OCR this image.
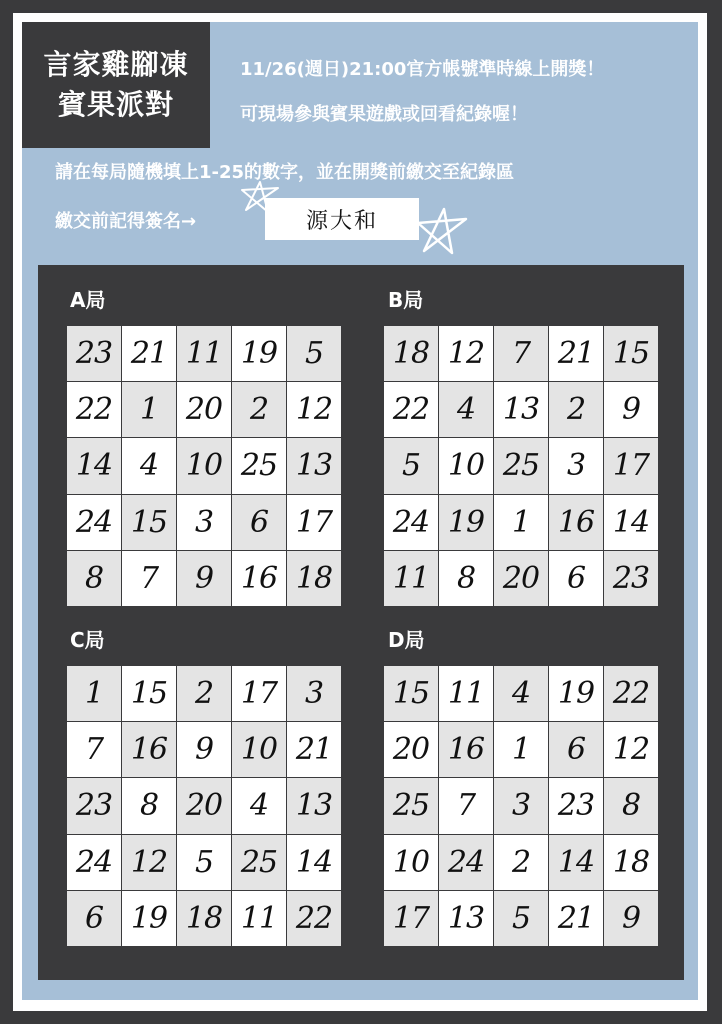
言家雞腳凍
賓果派對
11/26(週日)21:00官方帳號準時線上開獎！
可現場參與賓果遊戲或回看紀錄喔！
請在每局隨機填上1-25的數字，並在開獎前繳交至紀錄區
繳交前記得簽名→	源大和
A局	B局
C局	D局
23 21 11 19 5
22 1 20 2 12
14 4 10 25 13
24 15 3	6 17
8	7	9 16 18
18 12 7 21 15
22 4 13 2	9
5 10 25 3 17
24 19 1 16 14
11 8 20 6 23
1 15 2 17 3
7 16 9 10 21
23 8 20 4 13
24 12 5 25 14
6 19 18 11 22
15 11 4 19 22
20 16 1	6 12
25 7	3 23 8
10 24 2 14 18
17 13 5 21 9
